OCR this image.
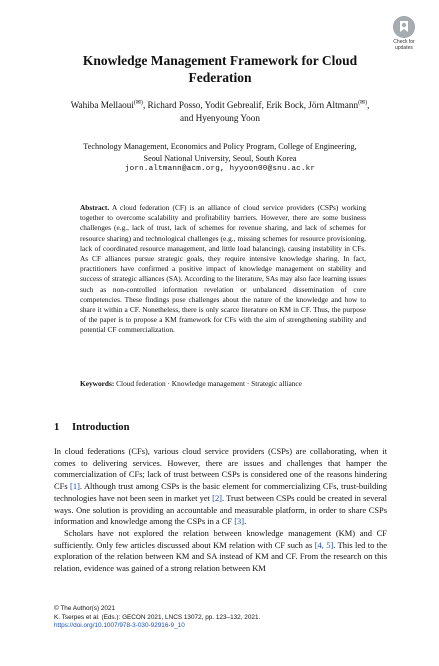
Check for
updates
Knowledge Management Framework for Cloud
Federation
Wahiba Mellaoui(✉), Richard Posso, Yodit Gebrealif, Erik Bock, Jörn Altmann(✉),
and Hyenyoung Yoon
Technology Management, Economics and Policy Program, College of Engineering,
Seoul National University, Seoul, South Korea
jorn.altmann@acm.org, hyyoon00@snu.ac.kr
Abstract. A cloud federation (CF) is an alliance of cloud service providers (CSPs) working together to overcome scalability and profitability barriers. However, there are some business challenges (e.g., lack of trust, lack of schemes for revenue sharing, and lack of schemes for resource sharing) and technological challenges (e.g., missing schemes for resource provisioning, lack of coordinated resource management, and little load balancing), causing instability in CFs. As CF alliances pursue strategic goals, they require intensive knowledge sharing. In fact, practitioners have confirmed a positive impact of knowledge management on stability and success of strategic alliances (SA). According to the literature, SAs may also face learning issues such as non-controlled information revelation or unbalanced dissemination of core competencies. These findings pose challenges about the nature of the knowledge and how to share it within a CF. Nonetheless, there is only scarce literature on KM in CF. Thus, the purpose of the paper is to propose a KM framework for CFs with the aim of strengthening stability and potential CF commercialization.
Keywords: Cloud federation · Knowledge management · Strategic alliance
1 Introduction

In cloud federations (CFs), various cloud service providers (CSPs) are collaborating, when it comes to delivering services. However, there are issues and challenges that hamper the commercialization of CFs; lack of trust between CSPs is considered one of the reasons hindering CFs [1]. Although trust among CSPs is the basic element for commercializing CFs, trust-building technologies have not been seen in market yet [2]. Trust between CSPs could be created in several ways. One solution is providing an accountable and measurable platform, in order to share CSPs information and knowledge among the CSPs in a CF [3].

Scholars have not explored the relation between knowledge management (KM) and CF sufficiently. Only few articles discussed about KM relation with CF such as [4, 5]. This led to the exploration of the relation between KM and SA instead of KM and CF. From the research on this relation, evidence was gained of a strong relation between KM

© The Author(s) 2021
K. Tserpes et al. (Eds.): GECON 2021, LNCS 13072, pp. 123–132, 2021.
https://doi.org/10.1007/978-3-030-92916-9_10
